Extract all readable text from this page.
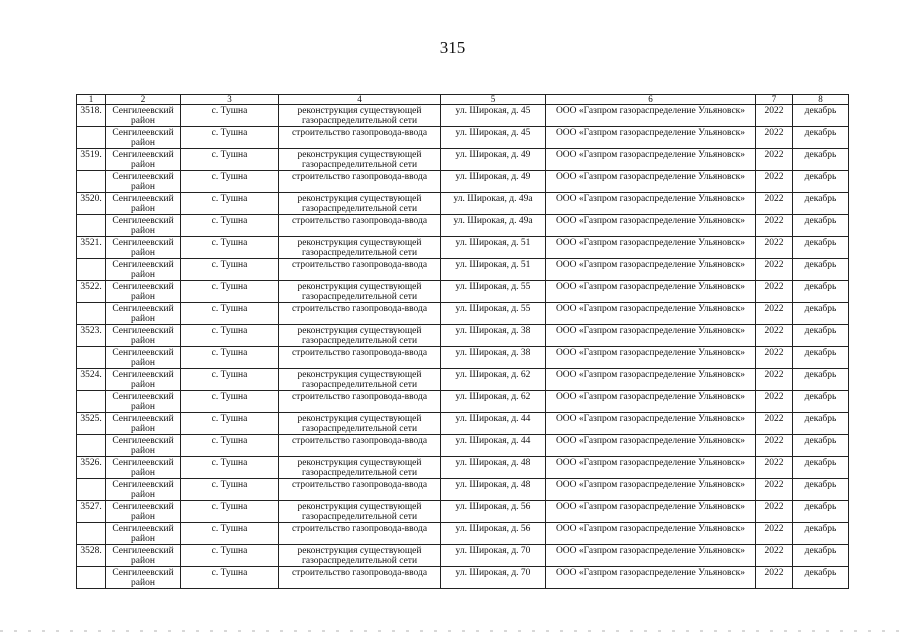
315
1	2	3	4	5	6	7	8
3518.	Сенгилеевский район	с. Тушна	реконструкция существующей газораспределительной сети	ул. Широкая, д. 45	ООО «Газпром газораспределение Ульяновск»	2022	декабрь
	Сенгилеевский район	с. Тушна	строительство газопровода-ввода	ул. Широкая, д. 45	ООО «Газпром газораспределение Ульяновск»	2022	декабрь
3519.	Сенгилеевский район	с. Тушна	реконструкция существующей газораспределительной сети	ул. Широкая, д. 49	ООО «Газпром газораспределение Ульяновск»	2022	декабрь
	Сенгилеевский район	с. Тушна	строительство газопровода-ввода	ул. Широкая, д. 49	ООО «Газпром газораспределение Ульяновск»	2022	декабрь
3520.	Сенгилеевский район	с. Тушна	реконструкция существующей газораспределительной сети	ул. Широкая, д. 49а	ООО «Газпром газораспределение Ульяновск»	2022	декабрь
	Сенгилеевский район	с. Тушна	строительство газопровода-ввода	ул. Широкая, д. 49а	ООО «Газпром газораспределение Ульяновск»	2022	декабрь
3521.	Сенгилеевский район	с. Тушна	реконструкция существующей газораспределительной сети	ул. Широкая, д. 51	ООО «Газпром газораспределение Ульяновск»	2022	декабрь
	Сенгилеевский район	с. Тушна	строительство газопровода-ввода	ул. Широкая, д. 51	ООО «Газпром газораспределение Ульяновск»	2022	декабрь
3522.	Сенгилеевский район	с. Тушна	реконструкция существующей газораспределительной сети	ул. Широкая, д. 55	ООО «Газпром газораспределение Ульяновск»	2022	декабрь
	Сенгилеевский район	с. Тушна	строительство газопровода-ввода	ул. Широкая, д. 55	ООО «Газпром газораспределение Ульяновск»	2022	декабрь
3523.	Сенгилеевский район	с. Тушна	реконструкция существующей газораспределительной сети	ул. Широкая, д. 38	ООО «Газпром газораспределение Ульяновск»	2022	декабрь
	Сенгилеевский район	с. Тушна	строительство газопровода-ввода	ул. Широкая, д. 38	ООО «Газпром газораспределение Ульяновск»	2022	декабрь
3524.	Сенгилеевский район	с. Тушна	реконструкция существующей газораспределительной сети	ул. Широкая, д. 62	ООО «Газпром газораспределение Ульяновск»	2022	декабрь
	Сенгилеевский район	с. Тушна	строительство газопровода-ввода	ул. Широкая, д. 62	ООО «Газпром газораспределение Ульяновск»	2022	декабрь
3525.	Сенгилеевский район	с. Тушна	реконструкция существующей газораспределительной сети	ул. Широкая, д. 44	ООО «Газпром газораспределение Ульяновск»	2022	декабрь
	Сенгилеевский район	с. Тушна	строительство газопровода-ввода	ул. Широкая, д. 44	ООО «Газпром газораспределение Ульяновск»	2022	декабрь
3526.	Сенгилеевский район	с. Тушна	реконструкция существующей газораспределительной сети	ул. Широкая, д. 48	ООО «Газпром газораспределение Ульяновск»	2022	декабрь
	Сенгилеевский район	с. Тушна	строительство газопровода-ввода	ул. Широкая, д. 48	ООО «Газпром газораспределение Ульяновск»	2022	декабрь
3527.	Сенгилеевский район	с. Тушна	реконструкция существующей газораспределительной сети	ул. Широкая, д. 56	ООО «Газпром газораспределение Ульяновск»	2022	декабрь
	Сенгилеевский район	с. Тушна	строительство газопровода-ввода	ул. Широкая, д. 56	ООО «Газпром газораспределение Ульяновск»	2022	декабрь
3528.	Сенгилеевский район	с. Тушна	реконструкция существующей газораспределительной сети	ул. Широкая, д. 70	ООО «Газпром газораспределение Ульяновск»	2022	декабрь
	Сенгилеевский район	с. Тушна	строительство газопровода-ввода	ул. Широкая, д. 70	ООО «Газпром газораспределение Ульяновск»	2022	декабрь
